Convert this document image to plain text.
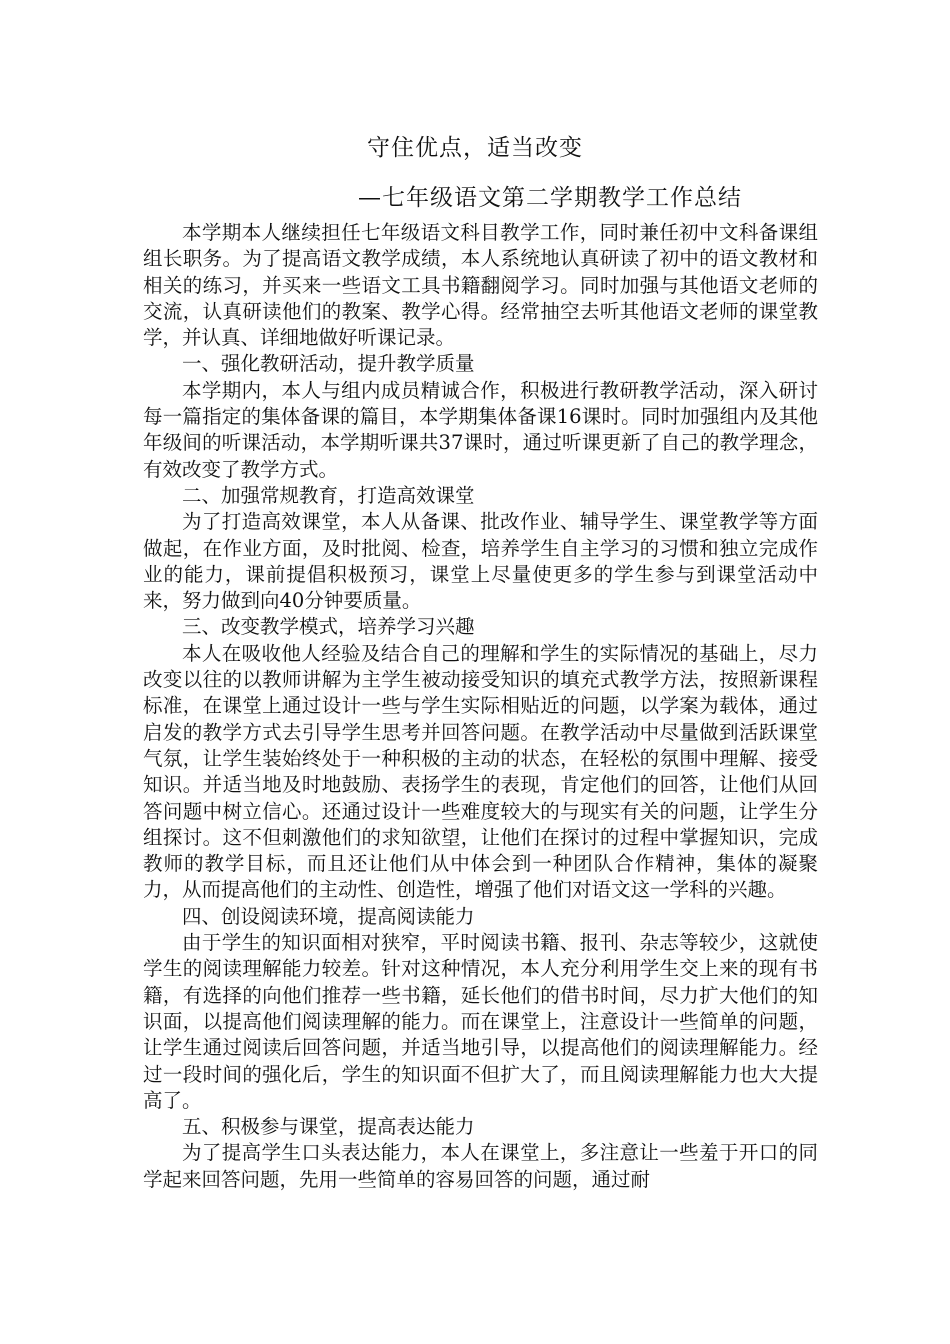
守住优点，适当改变
—七年级语文第二学期教学工作总结

本学期本人继续担任七年级语文科目教学工作，同时兼任初中文科备课组组长职务。为了提高语文教学成绩，本人系统地认真研读了初中的语文教材和相关的练习，并买来一些语文工具书籍翻阅学习。同时加强与其他语文老师的交流，认真研读他们的教案、教学心得。经常抽空去听其他语文老师的课堂教学，并认真、详细地做好听课记录。

一、强化教研活动，提升教学质量

本学期内，本人与组内成员精诚合作，积极进行教研教学活动，深入研讨每一篇指定的集体备课的篇目，本学期集体备课16课时。同时加强组内及其他年级间的听课活动，本学期听课共37课时，通过听课更新了自己的教学理念，有效改变了教学方式。

二、加强常规教育，打造高效课堂

为了打造高效课堂，本人从备课、批改作业、辅导学生、课堂教学等方面做起，在作业方面，及时批阅、检查，培养学生自主学习的习惯和独立完成作业的能力，课前提倡积极预习，课堂上尽量使更多的学生参与到课堂活动中来，努力做到向40分钟要质量。

三、改变教学模式，培养学习兴趣

本人在吸收他人经验及结合自己的理解和学生的实际情况的基础上，尽力改变以往的以教师讲解为主学生被动接受知识的填充式教学方法，按照新课程标准，在课堂上通过设计一些与学生实际相贴近的问题，以学案为载体，通过启发的教学方式去引导学生思考并回答问题。在教学活动中尽量做到活跃课堂气氛，让学生装始终处于一种积极的主动的状态，在轻松的氛围中理解、接受知识。并适当地及时地鼓励、表扬学生的表现，肯定他们的回答，让他们从回答问题中树立信心。还通过设计一些难度较大的与现实有关的问题，让学生分组探讨。这不但刺激他们的求知欲望，让他们在探讨的过程中掌握知识，完成教师的教学目标，而且还让他们从中体会到一种团队合作精神，集体的凝聚力，从而提高他们的主动性、创造性，增强了他们对语文这一学科的兴趣。

四、创设阅读环境，提高阅读能力

由于学生的知识面相对狭窄，平时阅读书籍、报刊、杂志等较少，这就使学生的阅读理解能力较差。针对这种情况，本人充分利用学生交上来的现有书籍，有选择的向他们推荐一些书籍，延长他们的借书时间，尽力扩大他们的知识面，以提高他们阅读理解的能力。而在课堂上，注意设计一些简单的问题，让学生通过阅读后回答问题，并适当地引导，以提高他们的阅读理解能力。经过一段时间的强化后，学生的知识面不但扩大了，而且阅读理解能力也大大提高了。

五、积极参与课堂，提高表达能力

为了提高学生口头表达能力，本人在课堂上，多注意让一些羞于开口的同学起来回答问题，先用一些简单的容易回答的问题，通过耐
